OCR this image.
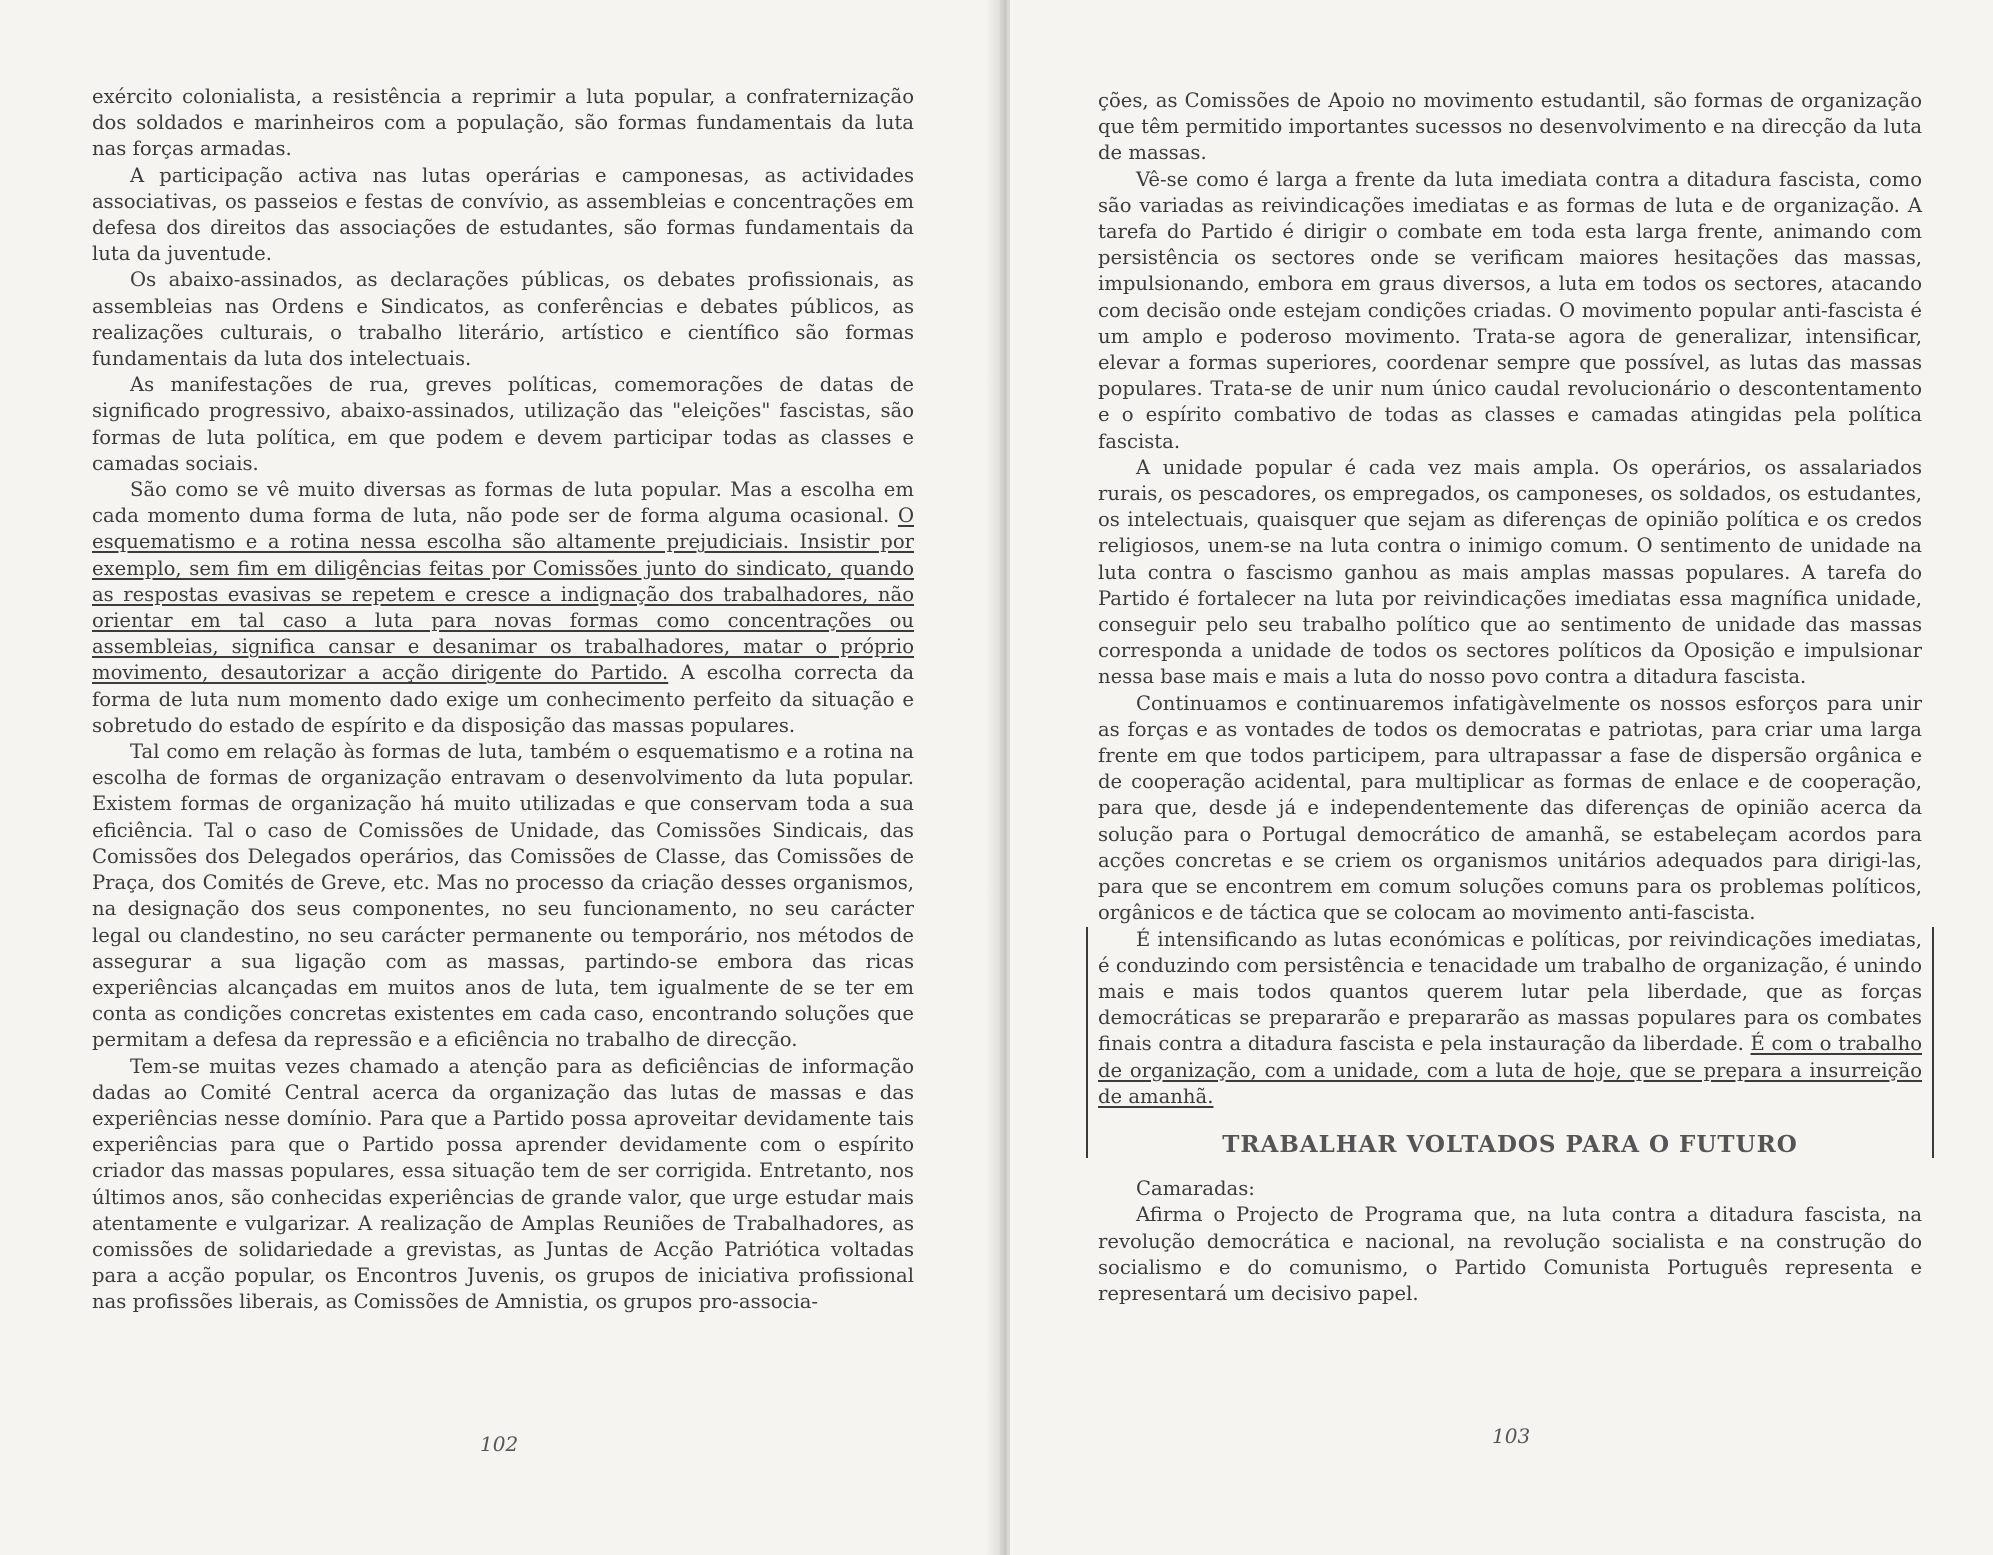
exército colonialista, a resistência a reprimir a luta popular, a confraternização dos soldados e marinheiros com a população, são formas fundamentais da luta nas forças armadas.

A participação activa nas lutas operárias e camponesas, as actividades associativas, os passeios e festas de convívio, as assembleias e concentrações em defesa dos direitos das associações de estudantes, são formas fundamentais da luta da juventude.

Os abaixo-assinados, as declarações públicas, os debates profissionais, as assembleias nas Ordens e Sindicatos, as conferências e debates públicos, as realizações culturais, o trabalho literário, artístico e científico são formas fundamentais da luta dos intelectuais.

As manifestações de rua, greves políticas, comemorações de datas de significado progressivo, abaixo-assinados, utilização das "eleições" fascistas, são formas de luta política, em que podem e devem participar todas as classes e camadas sociais.

São como se vê muito diversas as formas de luta popular. Mas a escolha em cada momento duma forma de luta, não pode ser de forma alguma ocasional. O esquematismo e a rotina nessa escolha são altamente prejudiciais. Insistir por exemplo, sem fim em diligências feitas por Comissões junto do sindicato, quando as respostas evasivas se repetem e cresce a indignação dos trabalhadores, não orientar em tal caso a luta para novas formas como concentrações ou assembleias, significa cansar e desanimar os trabalhadores, matar o próprio movimento, desautorizar a acção dirigente do Partido. A escolha correcta da forma de luta num momento dado exige um conhecimento perfeito da situação e sobretudo do estado de espírito e da disposição das massas populares.

Tal como em relação às formas de luta, também o esquematismo e a rotina na escolha de formas de organização entravam o desenvolvimento da luta popular. Existem formas de organização há muito utilizadas e que conservam toda a sua eficiência. Tal o caso de Comissões de Unidade, das Comissões Sindicais, das Comissões dos Delegados operários, das Comissões de Classe, das Comissões de Praça, dos Comités de Greve, etc. Mas no processo da criação desses organismos, na designação dos seus componentes, no seu funcionamento, no seu carácter legal ou clandestino, no seu carácter permanente ou temporário, nos métodos de assegurar a sua ligação com as massas, partindo-se embora das ricas experiências alcançadas em muitos anos de luta, tem igualmente de se ter em conta as condições concretas existentes em cada caso, encontrando soluções que permitam a defesa da repressão e a eficiência no trabalho de direcção.

Tem-se muitas vezes chamado a atenção para as deficiências de informação dadas ao Comité Central acerca da organização das lutas de massas e das experiências nesse domínio. Para que a Partido possa aproveitar devidamente tais experiências para que o Partido possa aprender devidamente com o espírito criador das massas populares, essa situação tem de ser corrigida. Entretanto, nos últimos anos, são conhecidas experiências de grande valor, que urge estudar mais atentamente e vulgarizar. A realização de Amplas Reuniões de Trabalhadores, as comissões de solidariedade a grevistas, as Juntas de Acção Patriótica voltadas para a acção popular, os Encontros Juvenis, os grupos de iniciativa profissional nas profissões liberais, as Comissões de Amnistia, os grupos pro-associa-

102

ções, as Comissões de Apoio no movimento estudantil, são formas de organização que têm permitido importantes sucessos no desenvolvimento e na direcção da luta de massas.

Vê-se como é larga a frente da luta imediata contra a ditadura fascista, como são variadas as reivindicações imediatas e as formas de luta e de organização. A tarefa do Partido é dirigir o combate em toda esta larga frente, animando com persistência os sectores onde se verificam maiores hesitações das massas, impulsionando, embora em graus diversos, a luta em todos os sectores, atacando com decisão onde estejam condições criadas. O movimento popular anti-fascista é um amplo e poderoso movimento. Trata-se agora de generalizar, intensificar, elevar a formas superiores, coordenar sempre que possível, as lutas das massas populares. Trata-se de unir num único caudal revolucionário o descontentamento e o espírito combativo de todas as classes e camadas atingidas pela política fascista.

A unidade popular é cada vez mais ampla. Os operários, os assalariados rurais, os pescadores, os empregados, os camponeses, os soldados, os estudantes, os intelectuais, quaisquer que sejam as diferenças de opinião política e os credos religiosos, unem-se na luta contra o inimigo comum. O sentimento de unidade na luta contra o fascismo ganhou as mais amplas massas populares. A tarefa do Partido é fortalecer na luta por reivindicações imediatas essa magnífica unidade, conseguir pelo seu trabalho político que ao sentimento de unidade das massas corresponda a unidade de todos os sectores políticos da Oposição e impulsionar nessa base mais e mais a luta do nosso povo contra a ditadura fascista.

Continuamos e continuaremos infatigàvelmente os nossos esforços para unir as forças e as vontades de todos os democratas e patriotas, para criar uma larga frente em que todos participem, para ultrapassar a fase de dispersão orgânica e de cooperação acidental, para multiplicar as formas de enlace e de cooperação, para que, desde já e independentemente das diferenças de opinião acerca da solução para o Portugal democrático de amanhã, se estabeleçam acordos para acções concretas e se criem os organismos unitários adequados para dirigi-las, para que se encontrem em comum soluções comuns para os problemas políticos, orgânicos e de táctica que se colocam ao movimento anti-fascista.

É intensificando as lutas económicas e políticas, por reivindicações imediatas, é conduzindo com persistência e tenacidade um trabalho de organização, é unindo mais e mais todos quantos querem lutar pela liberdade, que as forças democráticas se prepararão e prepararão as massas populares para os combates finais contra a ditadura fascista e pela instauração da liberdade. É com o trabalho de organização, com a unidade, com a luta de hoje, que se prepara a insurreição de amanhã.

TRABALHAR VOLTADOS PARA O FUTURO

Camaradas:

Afirma o Projecto de Programa que, na luta contra a ditadura fascista, na revolução democrática e nacional, na revolução socialista e na construção do socialismo e do comunismo, o Partido Comunista Português representa e representará um decisivo papel.

103
